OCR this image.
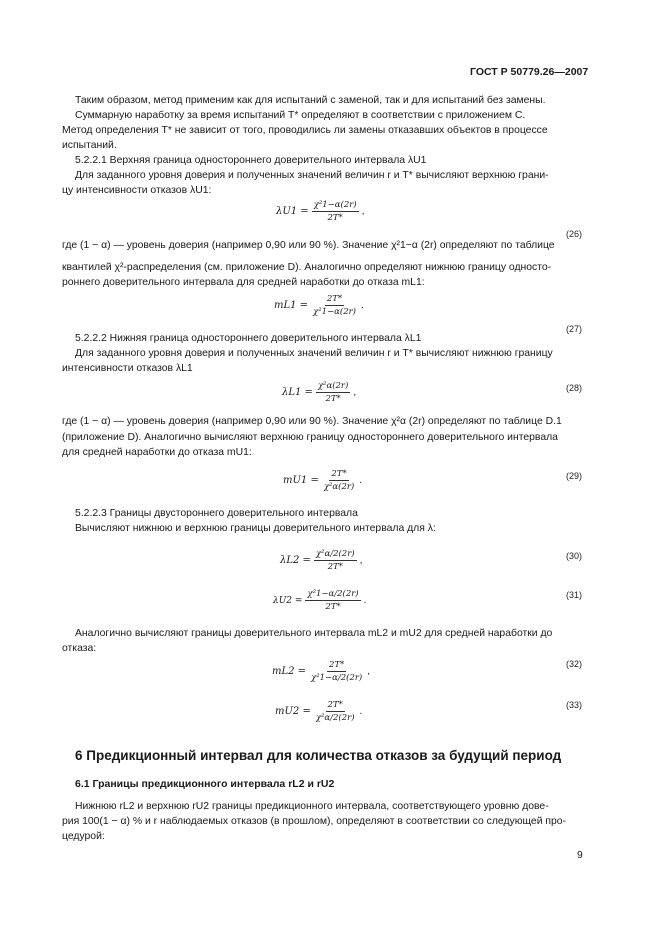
ГОСТ Р 50779.26—2007
Таким образом, метод применим как для испытаний с заменой, так и для испытаний без замены.
Суммарную наработку за время испытаний T* определяют в соответствии с приложением С.
Метод определения T* не зависит от того, проводились ли замены отказавших объектов в процессе
испытаний.
5.2.2.1 Верхняя граница одностороннего доверительного интервала λU1
Для заданного уровня доверия и полученных значений величин r и T* вычисляют верхнюю грани-
цу интенсивности отказов λU1:
$\lambda U1 = \frac{\text{χ²1−α(2r)}}{2T*}$ ,
(26)
где (1 − α) — уровень доверия (например 0,90 или 90 %). Значение χ²1−α (2r) определяют по таблице
квантилей χ²-распределения (см. приложение D). Аналогично определяют нижнюю границу односто-
роннего доверительного интервала для средней наработки до отказа mL1:
$mL1 = \frac{2T*}{\text{χ²1−α(2r)}}$ .
(27)
5.2.2.2 Нижняя граница одностороннего доверительного интервала λL1
Для заданного уровня доверия и полученных значений величин r и T* вычисляют нижнюю границу
интенсивности отказов λL1
$\lambda L1 = \frac{\text{χ²α(2r)}}{2T*}$ ,	(28)
где (1 − α) — уровень доверия (например 0,90 или 90 %). Значение χ²α (2r) определяют по таблице D.1
(приложение D). Аналогично вычисляют верхнюю границу одностороннего доверительного интервала
для средней наработки до отказа mU1:
$mU1 = \frac{2T*}{\text{χ²α(2r)}}$ .	(29)
5.2.2.3 Границы двустороннего доверительного интервала
Вычисляют нижнюю и верхнюю границы доверительного интервала для λ:
$\lambda L2 = \frac{\text{χ²α/2(2r)}}{2T*}$ ,	(30)
$\lambda U2 = \frac{\text{χ²1−α/2(2r)}}{2T*}$ .	(31)
Аналогично вычисляют границы доверительного интервала mL2 и mU2 для средней наработки до
отказа:
$mL2 = \frac{2T*}{\text{χ²1−α/2(2r)}}$ ,
(32)
$mU2 = \frac{2T*}{\text{χ²α/2(2r)}}$ .
(33)
6 Предикционный интервал для количества отказов за будущий период
6.1 Границы предикционного интервала rL2 и rU2
Нижнюю rL2 и верхнюю rU2 границы предикционного интервала, соответствующего уровню дове-
рия 100(1 − α) % и r наблюдаемых отказов (в прошлом), определяют в соответствии со следующей про-
цедурой:
9
